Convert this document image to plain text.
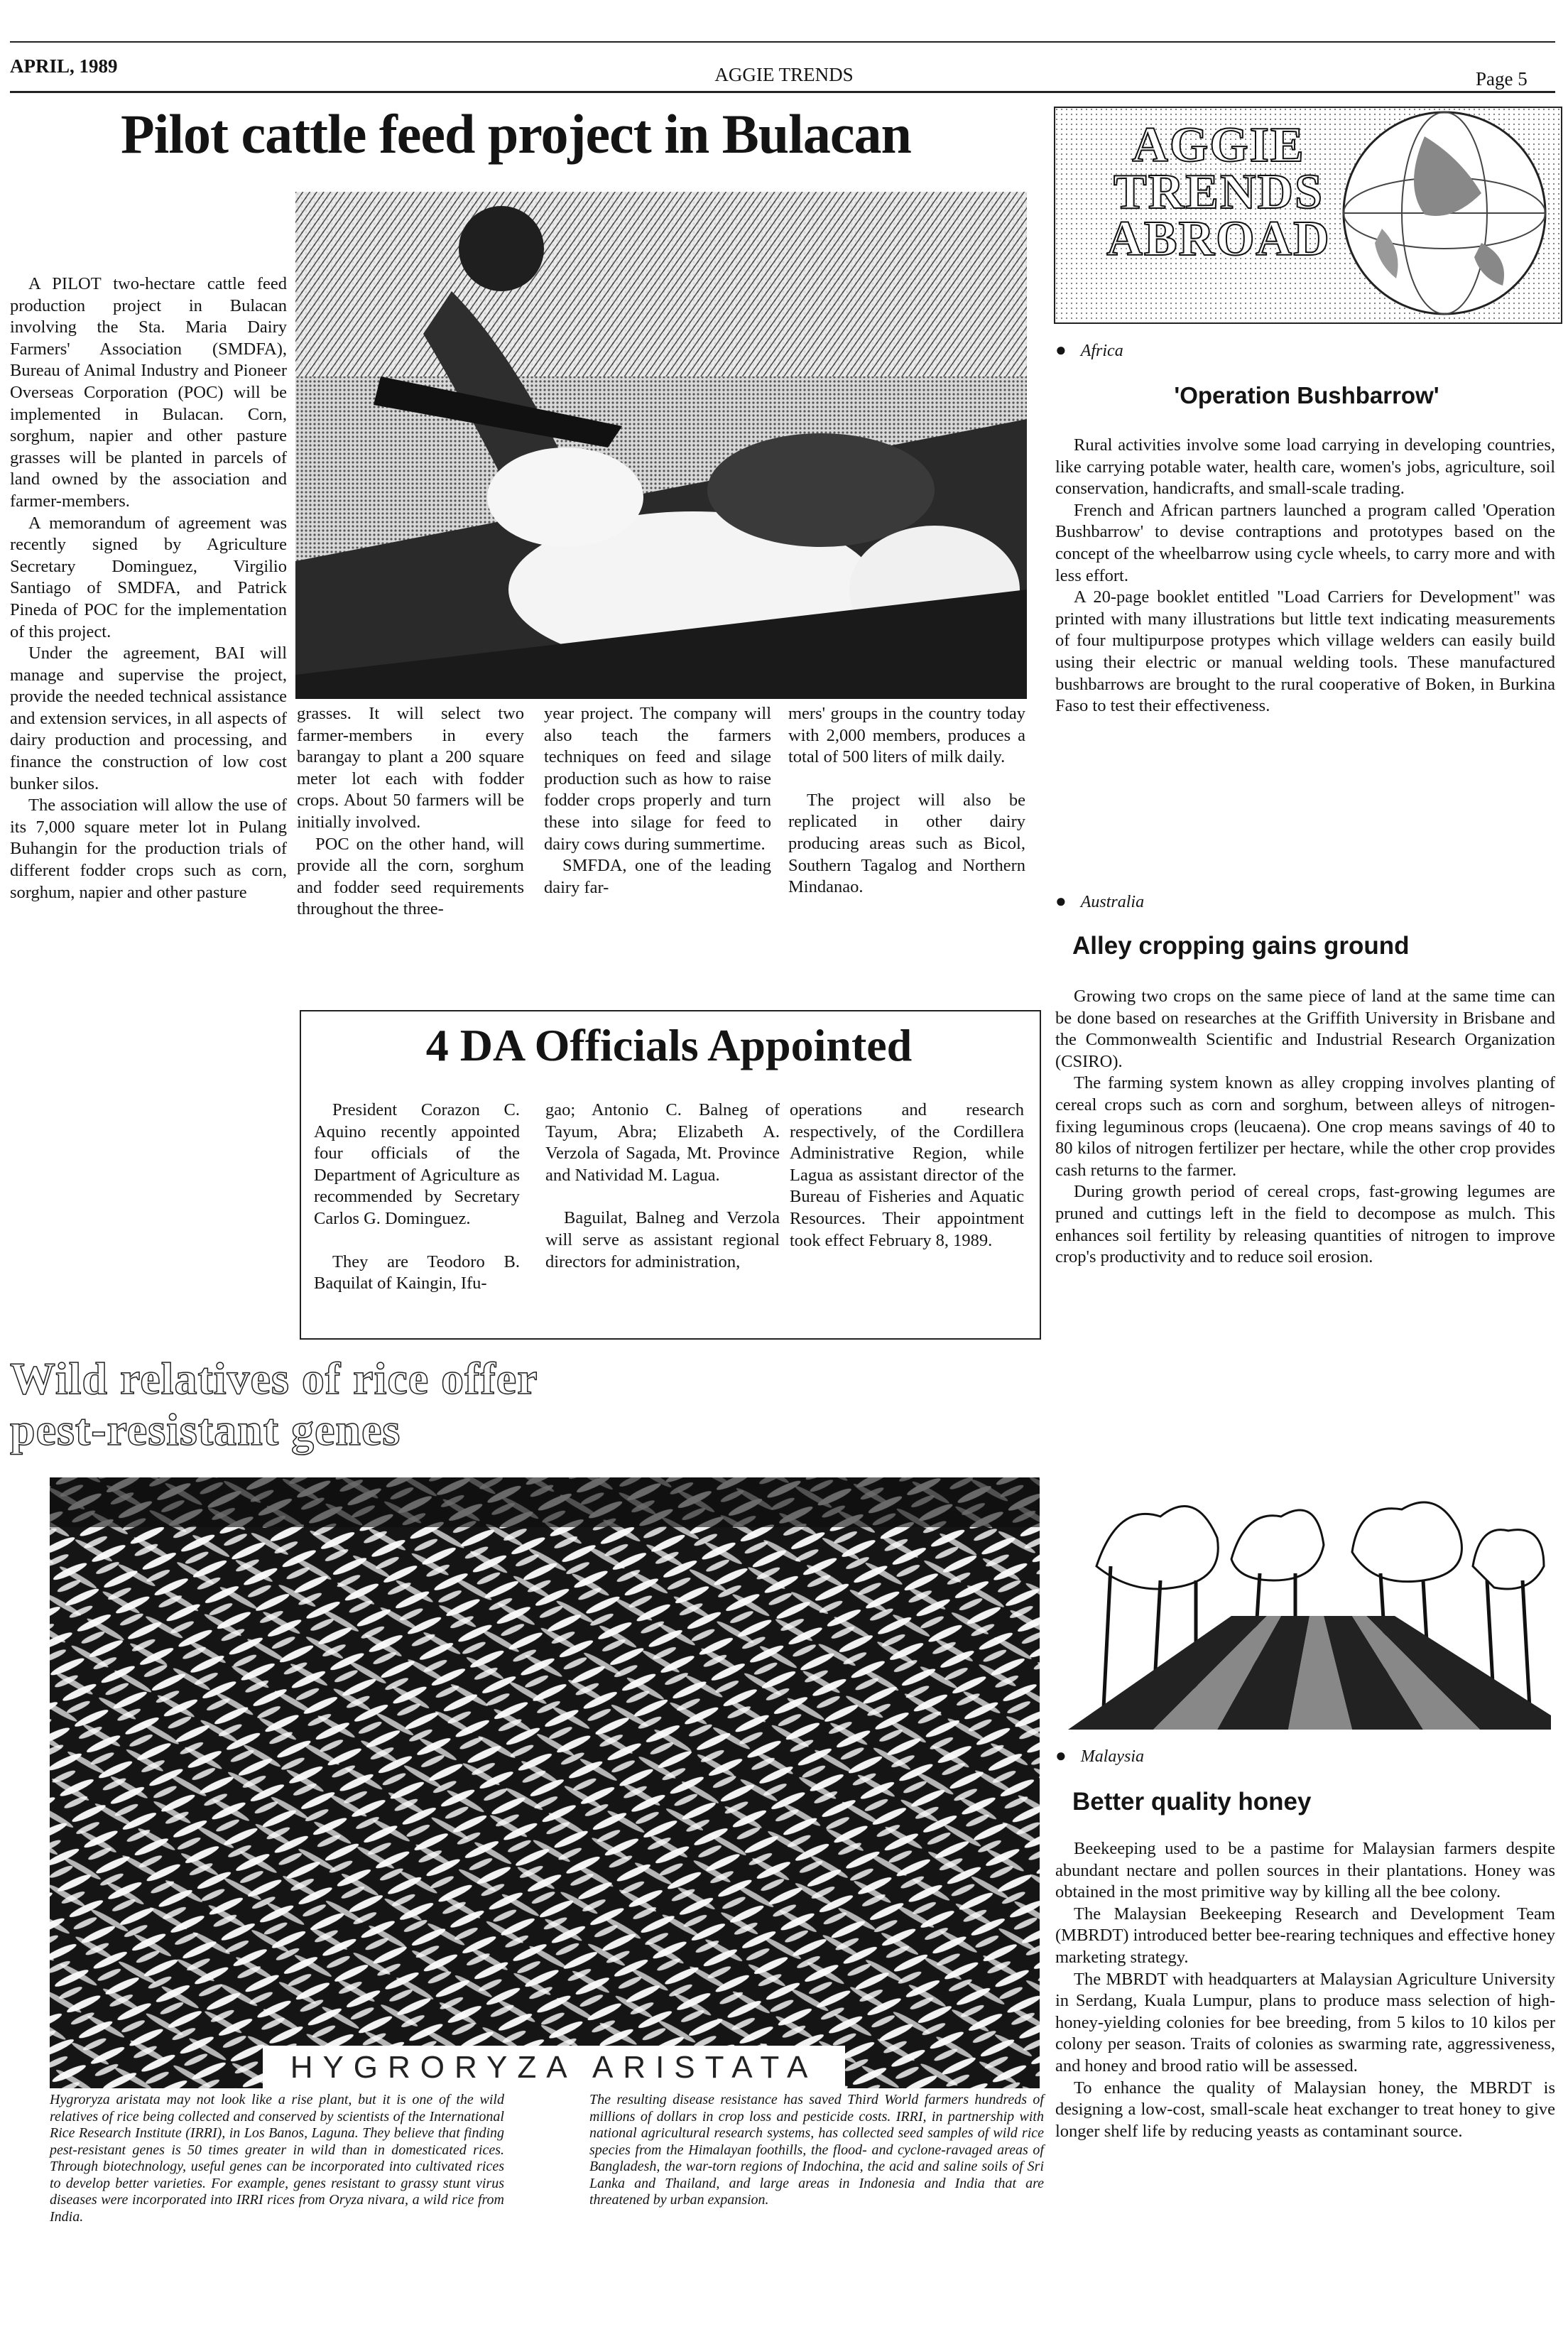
APRIL, 1989	AGGIE TRENDS	Page 5
Pilot cattle feed project in Bulacan

A PILOT two-hectare cattle feed production project in Bulacan involving the Sta. Maria Dairy Farmers' Association (SMDFA), Bureau of Animal Industry and Pioneer Overseas Corporation (POC) will be implemented in Bulacan. Corn, sorghum, napier and other pasture grasses will be planted in parcels of land owned by the association and farmer-members.

A memorandum of agreement was recently signed by Agriculture Secretary Dominguez, Virgilio Santiago of SMDFA, and Patrick Pineda of POC for the implementation of this project.

Under the agreement, BAI will manage and supervise the project, provide the needed technical assistance and extension services, in all aspects of dairy production and processing, and finance the construction of low cost bunker silos.

The association will allow the use of its 7,000 square meter lot in Pulang Buhangin for the production trials of different fodder crops such as corn, sorghum, napier and other pasture

grasses. It will select two farmer-members in every barangay to plant a 200 square meter lot each with fodder crops. About 50 farmers will be initially involved.

POC on the other hand, will provide all the corn, sorghum and fodder seed requirements throughout the three-

year project. The company will also teach the farmers techniques on feed and silage production such as how to raise fodder crops properly and turn these into silage for feed to dairy cows during summertime.

SMFDA, one of the leading dairy far-

mers' groups in the country today with 2,000 members, produces a total of 500 liters of milk daily.

The project will also be replicated in other dairy producing areas such as Bicol, Southern Tagalog and Northern Mindanao.

4 DA Officials Appointed

President Corazon C. Aquino recently appointed four officials of the Department of Agriculture as recommended by Secretary Carlos G. Dominguez.

They are Teodoro B. Baquilat of Kaingin, Ifu-

gao; Antonio C. Balneg of Tayum, Abra; Elizabeth A. Verzola of Sagada, Mt. Province and Natividad M. Lagua.

Baguilat, Balneg and Verzola will serve as assistant regional directors for administration,

operations and research respectively, of the Cordillera Administrative Region, while Lagua as assistant director of the Bureau of Fisheries and Aquatic Resources. Their appointment took effect February 8, 1989.

Wild relatives of rice offer
pest-resistant genes
HYGRORYZA ARISTATA
Hygroryza aristata may not look like a rise plant, but it is one of the wild relatives of rice being collected and conserved by scientists of the International Rice Research Institute (IRRI), in Los Banos, Laguna. They believe that finding pest-resistant genes is 50 times greater in wild than in domesticated rices. Through biotechnology, useful genes can be incorporated into cultivated rices to develop better varieties. For example, genes resistant to grassy stunt virus diseases were incorporated into IRRI rices from Oryza nivara, a wild rice from India.
The resulting disease resistance has saved Third World farmers hundreds of millions of dollars in crop loss and pesticide costs. IRRI, in partnership with national agricultural research systems, has collected seed samples of wild rice species from the Himalayan foothills, the flood- and cyclone-ravaged areas of Bangladesh, the war-torn regions of Indochina, the acid and saline soils of Sri Lanka and Thailand, and large areas in Indonesia and India that are threatened by urban expansion.
AGGIE
TRENDS
ABROAD
● Africa
'Operation Bushbarrow'

Rural activities involve some load carrying in developing countries, like carrying potable water, health care, women's jobs, agriculture, soil conservation, handicrafts, and small-scale trading.

French and African partners launched a program called 'Operation Bushbarrow' to devise contraptions and prototypes based on the concept of the wheelbarrow using cycle wheels, to carry more and with less effort.

A 20-page booklet entitled "Load Carriers for Development" was printed with many illustrations but little text indicating measurements of four multipurpose protypes which village welders can easily build using their electric or manual welding tools. These manufactured bushbarrows are brought to the rural cooperative of Boken, in Burkina Faso to test their effectiveness.

● Australia
Alley cropping gains ground

Growing two crops on the same piece of land at the same time can be done based on researches at the Griffith University in Brisbane and the Commonwealth Scientific and Industrial Research Organization (CSIRO).

The farming system known as alley cropping involves planting of cereal crops such as corn and sorghum, between alleys of nitrogen-fixing leguminous crops (leucaena). One crop means savings of 40 to 80 kilos of nitrogen fertilizer per hectare, while the other crop provides cash returns to the farmer.

During growth period of cereal crops, fast-growing legumes are pruned and cuttings left in the field to decompose as mulch. This enhances soil fertility by releasing quantities of nitrogen to improve crop's productivity and to reduce soil erosion.

● Malaysia
Better quality honey

Beekeeping used to be a pastime for Malaysian farmers despite abundant nectare and pollen sources in their plantations. Honey was obtained in the most primitive way by killing all the bee colony.

The Malaysian Beekeeping Research and Development Team (MBRDT) introduced better bee-rearing techniques and effective honey marketing strategy.

The MBRDT with headquarters at Malaysian Agriculture University in Serdang, Kuala Lumpur, plans to produce mass selection of high-honey-yielding colonies for bee breeding, from 5 kilos to 10 kilos per colony per season. Traits of colonies as swarming rate, aggressiveness, and honey and brood ratio will be assessed.

To enhance the quality of Malaysian honey, the MBRDT is designing a low-cost, small-scale heat exchanger to treat honey to give longer shelf life by reducing yeasts as contaminant source.
